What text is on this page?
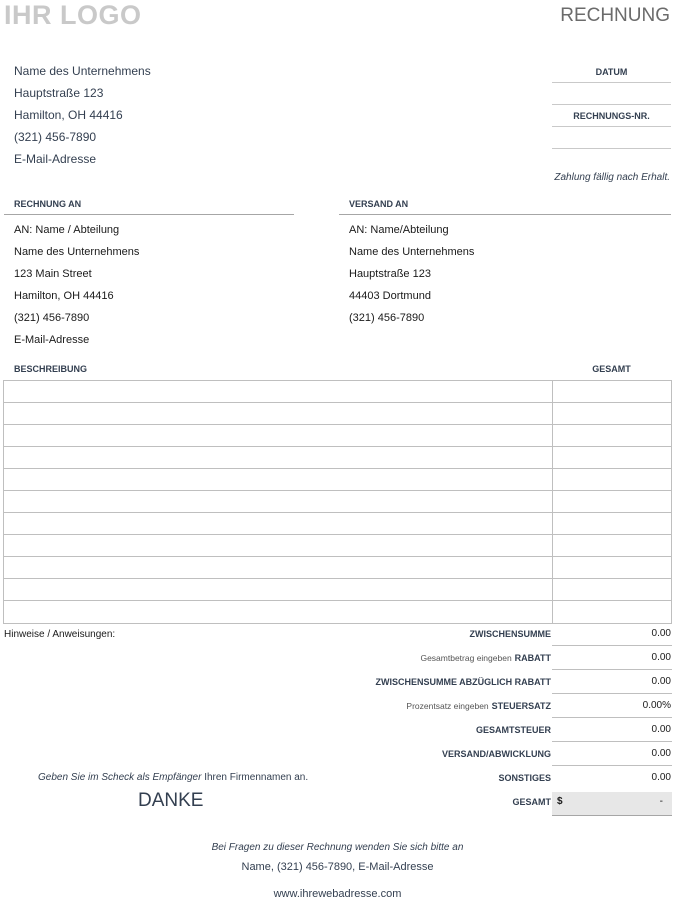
IHR LOGO	RECHNUNG
Name des Unternehmens
Hauptstraße 123
Hamilton, OH 44416
(321) 456-7890
E-Mail-Adresse
DATUM
RECHNUNGS-NR.
Zahlung fällig nach Erhalt.
RECHNUNG AN
AN: Name / Abteilung
Name des Unternehmens
123 Main Street
Hamilton, OH 44416
(321) 456-7890
E-Mail-Adresse
VERSAND AN
AN: Name/Abteilung
Name des Unternehmens
Hauptstraße 123
44403 Dortmund
(321) 456-7890
BESCHREIBUNG	GESAMT
Hinweise / Anweisungen:	ZWISCHENSUMME	0.00
Gesamtbetrag eingeben RABATT	0.00
ZWISCHENSUMME ABZÜGLICH RABATT	0.00
Prozentsatz eingeben STEUERSATZ	0.00%
GESAMTSTEUER	0.00
VERSAND/ABWICKLUNG	0.00
SONSTIGES	0.00
GESAMT $	-
Geben Sie im Scheck als Empfänger Ihren Firmennamen an.
DANKE
Bei Fragen zu dieser Rechnung wenden Sie sich bitte an
Name, (321) 456-7890, E-Mail-Adresse
www.ihrewebadresse.com
